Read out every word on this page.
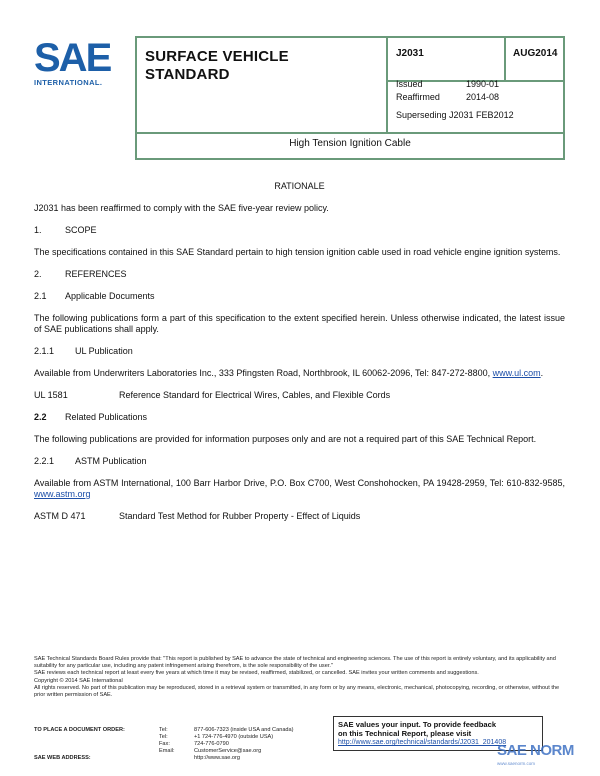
SAE
INTERNATIONAL.
SURFACE VEHICLE
STANDARD
J2031	AUG2014
Issued	1990-01
Reaffirmed	2014-08
Superseding J2031 FEB2012
High Tension Ignition Cable

RATIONALE

J2031 has been reaffirmed to comply with the SAE five-year review policy.

1.	SCOPE

The specifications contained in this SAE Standard pertain to high tension ignition cable used in road vehicle engine ignition systems.

2.	REFERENCES

2.1	Applicable Documents

The following publications form a part of this specification to the extent specified herein. Unless otherwise indicated, the latest issue of SAE publications shall apply.

2.1.1	UL Publication

Available from Underwriters Laboratories Inc., 333 Pfingsten Road, Northbrook, IL 60062-2096, Tel: 847-272-8800, www.ul.com.

UL 1581	Reference Standard for Electrical Wires, Cables, and Flexible Cords

2.2	Related Publications

The following publications are provided for information purposes only and are not a required part of this SAE Technical Report.

2.2.1	ASTM Publication

Available from ASTM International, 100 Barr Harbor Drive, P.O. Box C700, West Conshohocken, PA 19428-2959, Tel: 610-832-9585, www.astm.org

ASTM D 471	Standard Test Method for Rubber Property - Effect of Liquids

SAE Technical Standards Board Rules provide that: "This report is published by SAE to advance the state of technical and engineering sciences. The use of this report is entirely voluntary, and its applicability and suitability for any particular use, including any patent infringement arising therefrom, is the sole responsibility of the user."

SAE reviews each technical report at least every five years at which time it may be revised, reaffirmed, stabilized, or cancelled. SAE invites your written comments and suggestions.

Copyright © 2014 SAE International

All rights reserved. No part of this publication may be reproduced, stored in a retrieval system or transmitted, in any form or by any means, electronic, mechanical, photocopying, recording, or otherwise, without the prior written permission of SAE.

TO PLACE A DOCUMENT ORDER:	Tel:	877-606-7323 (inside USA and Canada)
Tel:	+1 724-776-4970 (outside USA)
Fax:	724-776-0790
Email:	CustomerService@sae.org
SAE WEB ADDRESS:	http://www.sae.org
SAE values your input. To provide feedback
on this Technical Report, please visit
http://www.sae.org/technical/standards/J2031_201408
SAE NORM
www.saenorm.com
